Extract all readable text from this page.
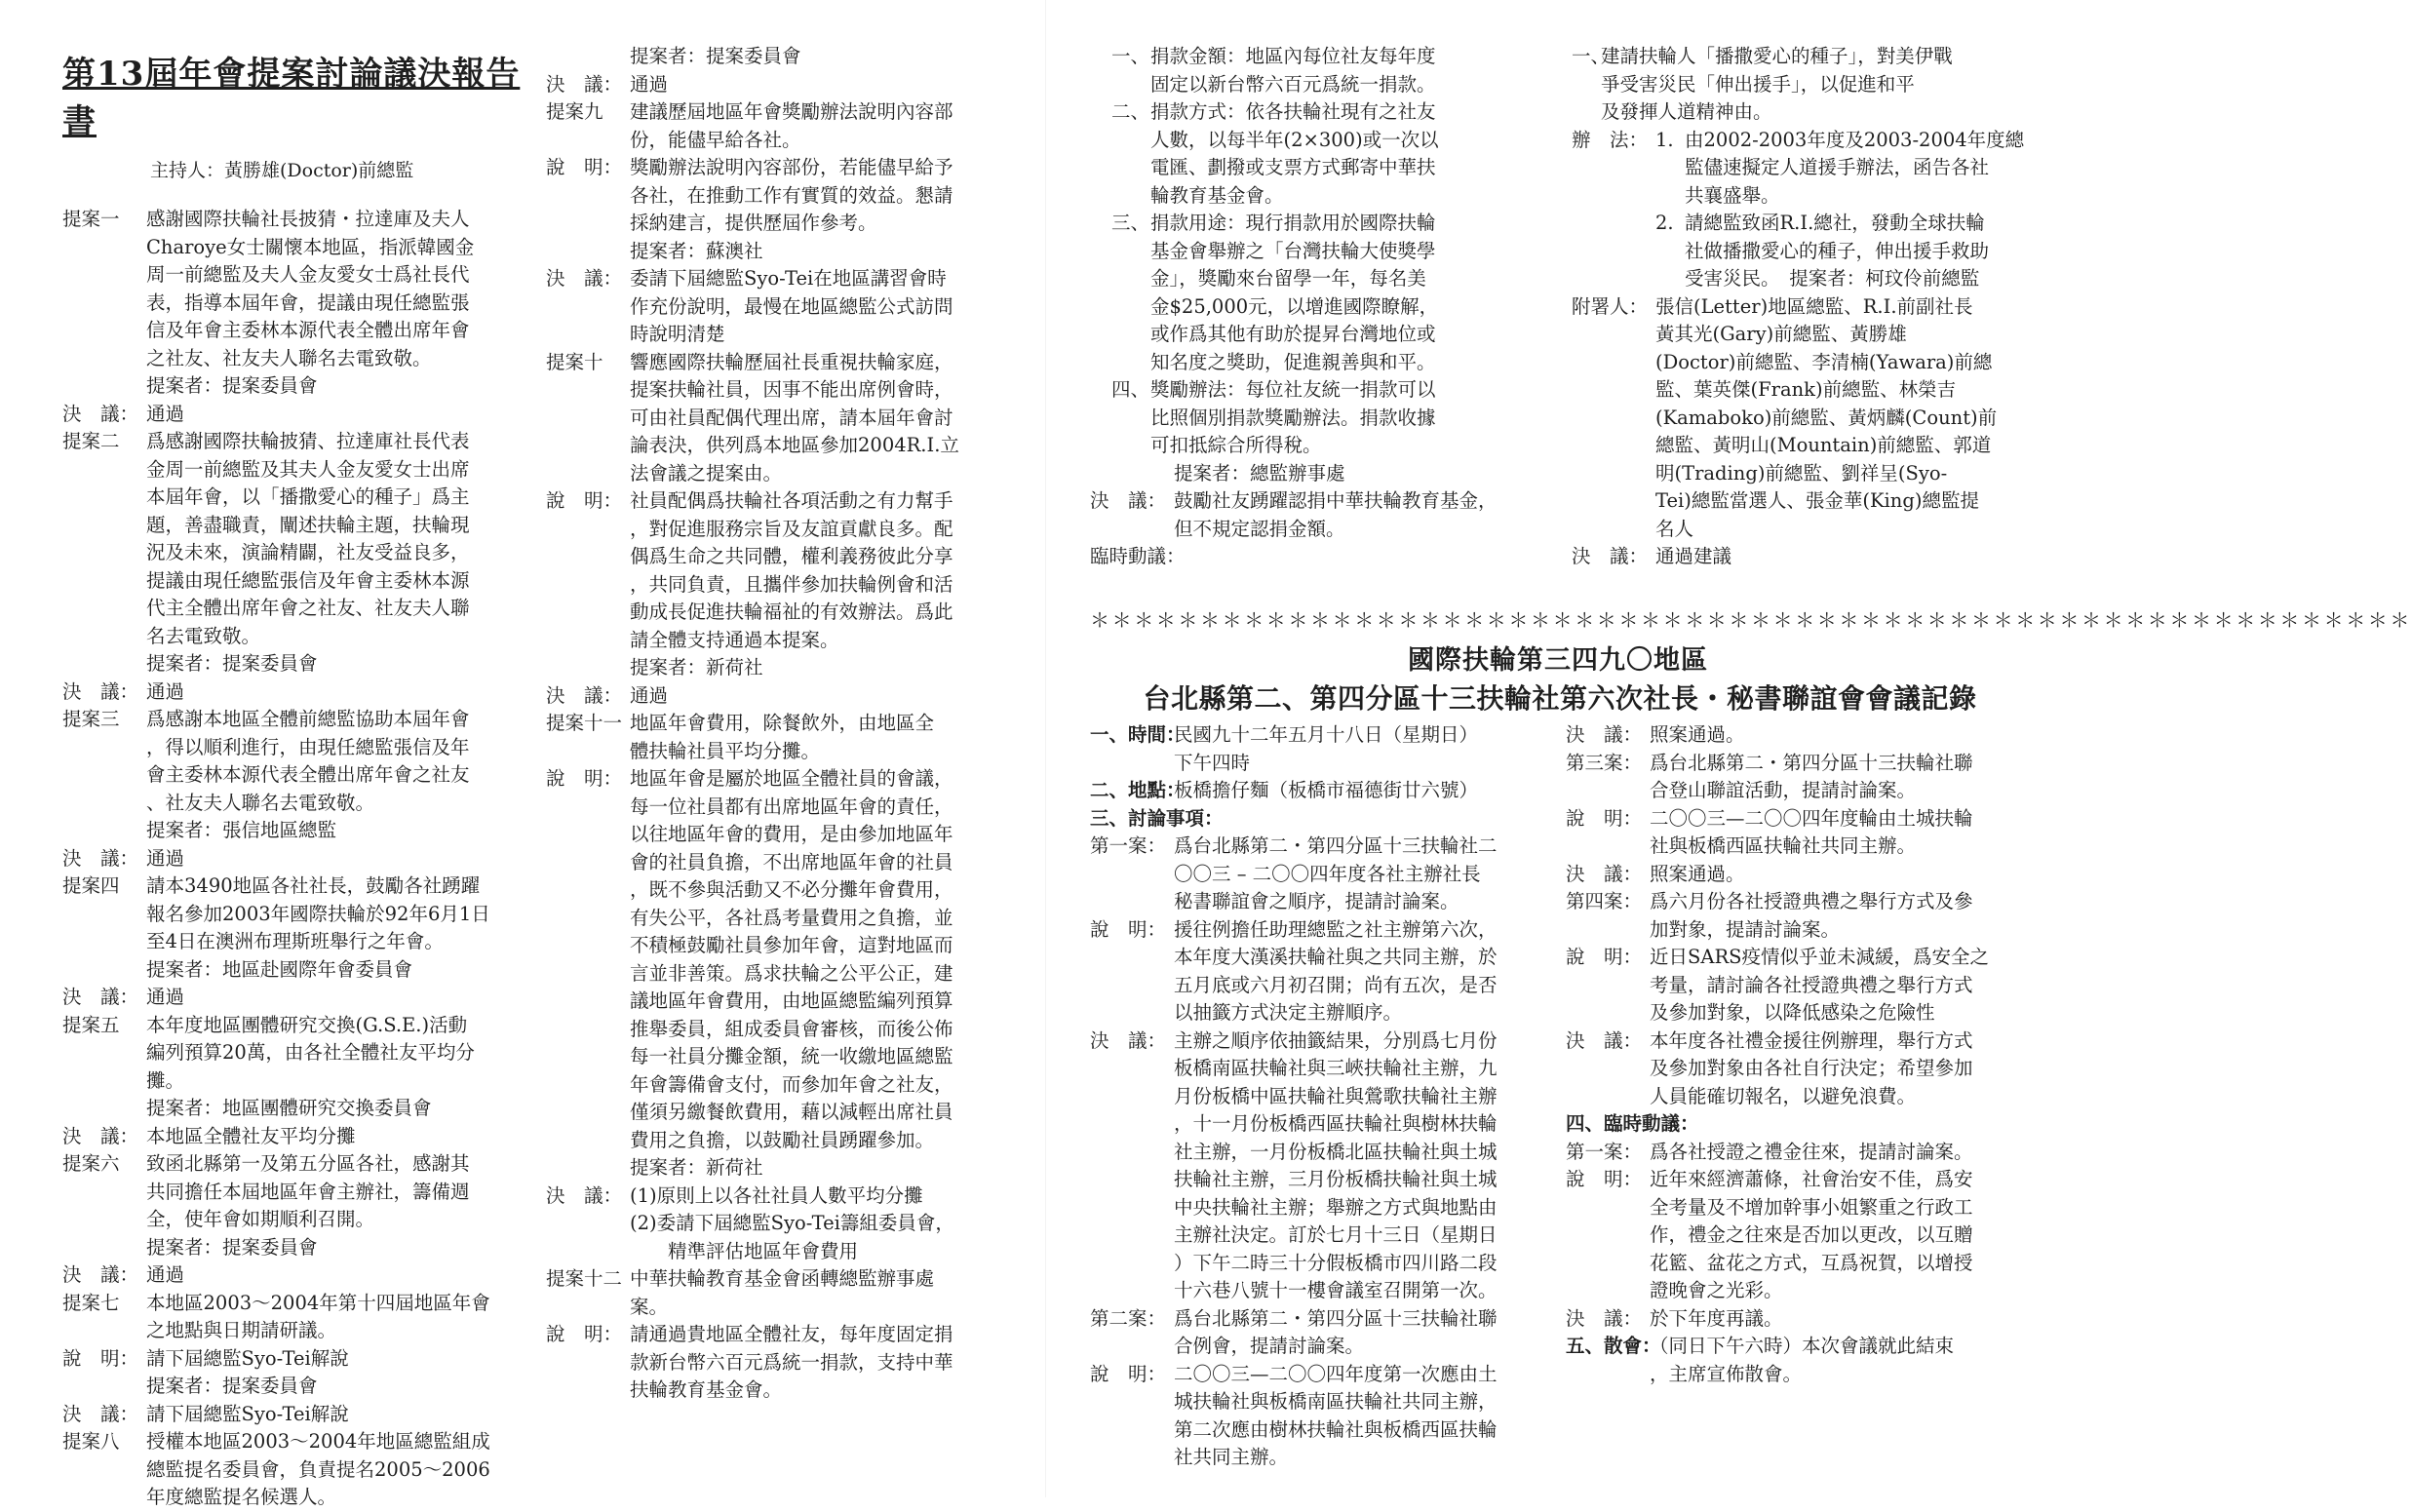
第13屆年會提案討論議決報告書
主持人：黃勝雄(Doctor)前總監
提案一	感謝國際扶輪社長披猜・拉達庫及夫人
Charoye女士關懷本地區，指派韓國金
周一前總監及夫人金友愛女士爲社長代
表，指導本屆年會，提議由現任總監張
信及年會主委林本源代表全體出席年會
之社友、社友夫人聯名去電致敬。
提案者：提案委員會
決　議： 通過
提案二	爲感謝國際扶輪披猜、拉達庫社長代表
金周一前總監及其夫人金友愛女士出席
本屆年會，以「播撒愛心的種子」爲主
題，善盡職責，闡述扶輪主題，扶輪現
況及未來，演論精闢，社友受益良多，
提議由現任總監張信及年會主委林本源
代主全體出席年會之社友、社友夫人聯
名去電致敬。
提案者：提案委員會
決　議： 通過
提案三	爲感謝本地區全體前總監協助本屆年會
，得以順利進行，由現任總監張信及年
會主委林本源代表全體出席年會之社友
、社友夫人聯名去電致敬。
提案者：張信地區總監
決　議： 通過
提案四	請本3490地區各社社長，鼓勵各社踴躍
報名參加2003年國際扶輪於92年6月1日
至4日在澳洲布理斯班舉行之年會。
提案者：地區赴國際年會委員會
決　議： 通過
提案五	本年度地區團體研究交換(G.S.E.)活動
編列預算20萬，由各社全體社友平均分
攤。
提案者：地區團體研究交換委員會
決　議： 本地區全體社友平均分攤
提案六	致函北縣第一及第五分區各社，感謝其
共同擔任本屆地區年會主辦社，籌備週
全，使年會如期順利召開。
提案者：提案委員會
決　議： 通過
提案七	本地區2003～2004年第十四屆地區年會
之地點與日期請研議。
說　明： 請下屆總監Syo-Tei解說
提案者：提案委員會
決　議： 請下屆總監Syo-Tei解說
提案八	授權本地區2003～2004年地區總監組成
總監提名委員會，負責提名2005～2006
年度總監提名候選人。
提案者：提案委員會
決　議： 通過
提案九	建議歷屆地區年會獎勵辦法說明內容部
份，能儘早給各社。
說　明： 獎勵辦法說明內容部份，若能儘早給予
各社，在推動工作有實質的效益。懇請
採納建言，提供歷屆作參考。
提案者：蘇澳社
決　議： 委請下屆總監Syo-Tei在地區講習會時
作充份說明，最慢在地區總監公式訪問
時說明清楚
提案十	響應國際扶輪歷屆社長重視扶輪家庭，
提案扶輪社員，因事不能出席例會時，
可由社員配偶代理出席，請本屆年會討
論表決，供列爲本地區參加2004R.I.立
法會議之提案由。
說　明： 社員配偶爲扶輪社各項活動之有力幫手
，對促進服務宗旨及友誼貢獻良多。配
偶爲生命之共同體，權利義務彼此分享
，共同負責，且攜伴參加扶輪例會和活
動成長促進扶輪福祉的有效辦法。爲此
請全體支持通過本提案。
提案者：新荷社
決　議： 通過
提案十一 地區年會費用，除餐飲外，由地區全
體扶輪社員平均分攤。
說　明： 地區年會是屬於地區全體社員的會議，
每一位社員都有出席地區年會的責任，
以往地區年會的費用，是由參加地區年
會的社員負擔，不出席地區年會的社員
，既不參與活動又不必分攤年會費用，
有失公平，各社爲考量費用之負擔，並
不積極鼓勵社員參加年會，這對地區而
言並非善策。爲求扶輪之公平公正，建
議地區年會費用，由地區總監編列預算
推舉委員，組成委員會審核，而後公佈
每一社員分攤金額，統一收繳地區總監
年會籌備會支付，而參加年會之社友，
僅須另繳餐飲費用，藉以減輕出席社員
費用之負擔，以鼓勵社員踴躍參加。
提案者：新荷社
決　議： (1)原則上以各社社員人數平均分攤
(2)委請下屆總監Syo-Tei籌組委員會，
　　精準評估地區年會費用
提案十二 中華扶輪教育基金會函轉總監辦事處
案。
說　明： 請通過貴地區全體社友，每年度固定捐
款新台幣六百元爲統一捐款，支持中華
扶輪教育基金會。
一、 捐款金額：地區內每位社友每年度
固定以新台幣六百元爲統一捐款。
二、 捐款方式：依各扶輪社現有之社友
人數，以每半年(2×300)或一次以
電匯、劃撥或支票方式郵寄中華扶
輪教育基金會。
三、 捐款用途：現行捐款用於國際扶輪
基金會舉辦之「台灣扶輪大使獎學
金」，獎勵來台留學一年，每名美
金$25,000元，以增進國際瞭解，
或作爲其他有助於提昇台灣地位或
知名度之獎助，促進親善與和平。
四、 獎勵辦法：每位社友統一捐款可以
比照個別捐款獎勵辦法。捐款收據
可扣抵綜合所得稅。
提案者：總監辦事處
決　議： 鼓勵社友踴躍認捐中華扶輪教育基金，
但不規定認捐金額。
臨時動議：
一、
建請扶輪人「播撒愛心的種子」，對美伊戰
爭受害災民「伸出援手」，以促進和平
及發揮人道精神由。
辦　法： 1. 由2002-2003年度及2003-2004年度總
監儘速擬定人道援手辦法，函告各社
共襄盛舉。
2. 請總監致函R.I.總社，發動全球扶輪
社做播撒愛心的種子，伸出援手救助
受害災民。　提案者：柯玟伶前總監
附署人： 張信(Letter)地區總監、R.I.前副社長
黃其光(Gary)前總監、黃勝雄
(Doctor)前總監、李清楠(Yawara)前總
監、葉英傑(Frank)前總監、林榮吉
(Kamaboko)前總監、黃炳麟(Count)前
總監、黃明山(Mountain)前總監、郭道
明(Trading)前總監、劉祥呈(Syo-
Tei)總監當選人、張金華(King)總監提
名人
決　議： 通過建議
＊＊＊＊＊＊＊＊＊＊＊＊＊＊＊＊＊＊＊＊＊＊＊＊＊＊＊＊＊＊＊＊＊＊＊＊＊＊＊＊＊＊＊＊＊＊＊＊＊＊＊＊＊＊＊＊＊＊＊＊
國際扶輪第三四九〇地區
台北縣第二、第四分區十三扶輪社第六次社長・秘書聯誼會會議記錄
一、時間：
民國九十二年五月十八日（星期日）
下午四時
二、地點：
板橋擔仔麵（板橋市福德街廿六號）
三、討論事項：
第一案： 爲台北縣第二・第四分區十三扶輪社二
〇〇三 – 二〇〇四年度各社主辦社長
秘書聯誼會之順序，提請討論案。
說　明： 援往例擔任助理總監之社主辦第六次，
本年度大漢溪扶輪社與之共同主辦，於
五月底或六月初召開；尚有五次，是否
以抽籤方式決定主辦順序。
決　議： 主辦之順序依抽籤結果，分別爲七月份
板橋南區扶輪社與三峽扶輪社主辦，九
月份板橋中區扶輪社與鶯歌扶輪社主辦
，十一月份板橋西區扶輪社與樹林扶輪
社主辦，一月份板橋北區扶輪社與土城
扶輪社主辦，三月份板橋扶輪社與土城
中央扶輪社主辦；舉辦之方式與地點由
主辦社決定。訂於七月十三日（星期日
）下午二時三十分假板橋市四川路二段
十六巷八號十一樓會議室召開第一次。
第二案： 爲台北縣第二・第四分區十三扶輪社聯
合例會，提請討論案。
說　明： 二〇〇三—二〇〇四年度第一次應由土
城扶輪社與板橋南區扶輪社共同主辦，
第二次應由樹林扶輪社與板橋西區扶輪
社共同主辦。
決　議： 照案通過。
第三案： 爲台北縣第二・第四分區十三扶輪社聯
合登山聯誼活動，提請討論案。
說　明： 二〇〇三—二〇〇四年度輪由土城扶輪
社與板橋西區扶輪社共同主辦。
決　議： 照案通過。
第四案： 爲六月份各社授證典禮之舉行方式及參
加對象，提請討論案。
說　明： 近日SARS疫情似乎並未減緩，爲安全之
考量，請討論各社授證典禮之舉行方式
及參加對象，以降低感染之危險性
決　議： 本年度各社禮金援往例辦理，舉行方式
及參加對象由各社自行決定；希望參加
人員能確切報名，以避免浪費。
四、臨時動議：
第一案： 爲各社授證之禮金往來，提請討論案。
說　明： 近年來經濟蕭條，社會治安不佳，爲安
全考量及不增加幹事小姐繁重之行政工
作，禮金之往來是否加以更改，以互贈
花籃、盆花之方式，互爲祝賀，以增授
證晚會之光彩。
決　議： 於下年度再議。
五、散會：
（同日下午六時）本次會議就此結束
，主席宣佈散會。
